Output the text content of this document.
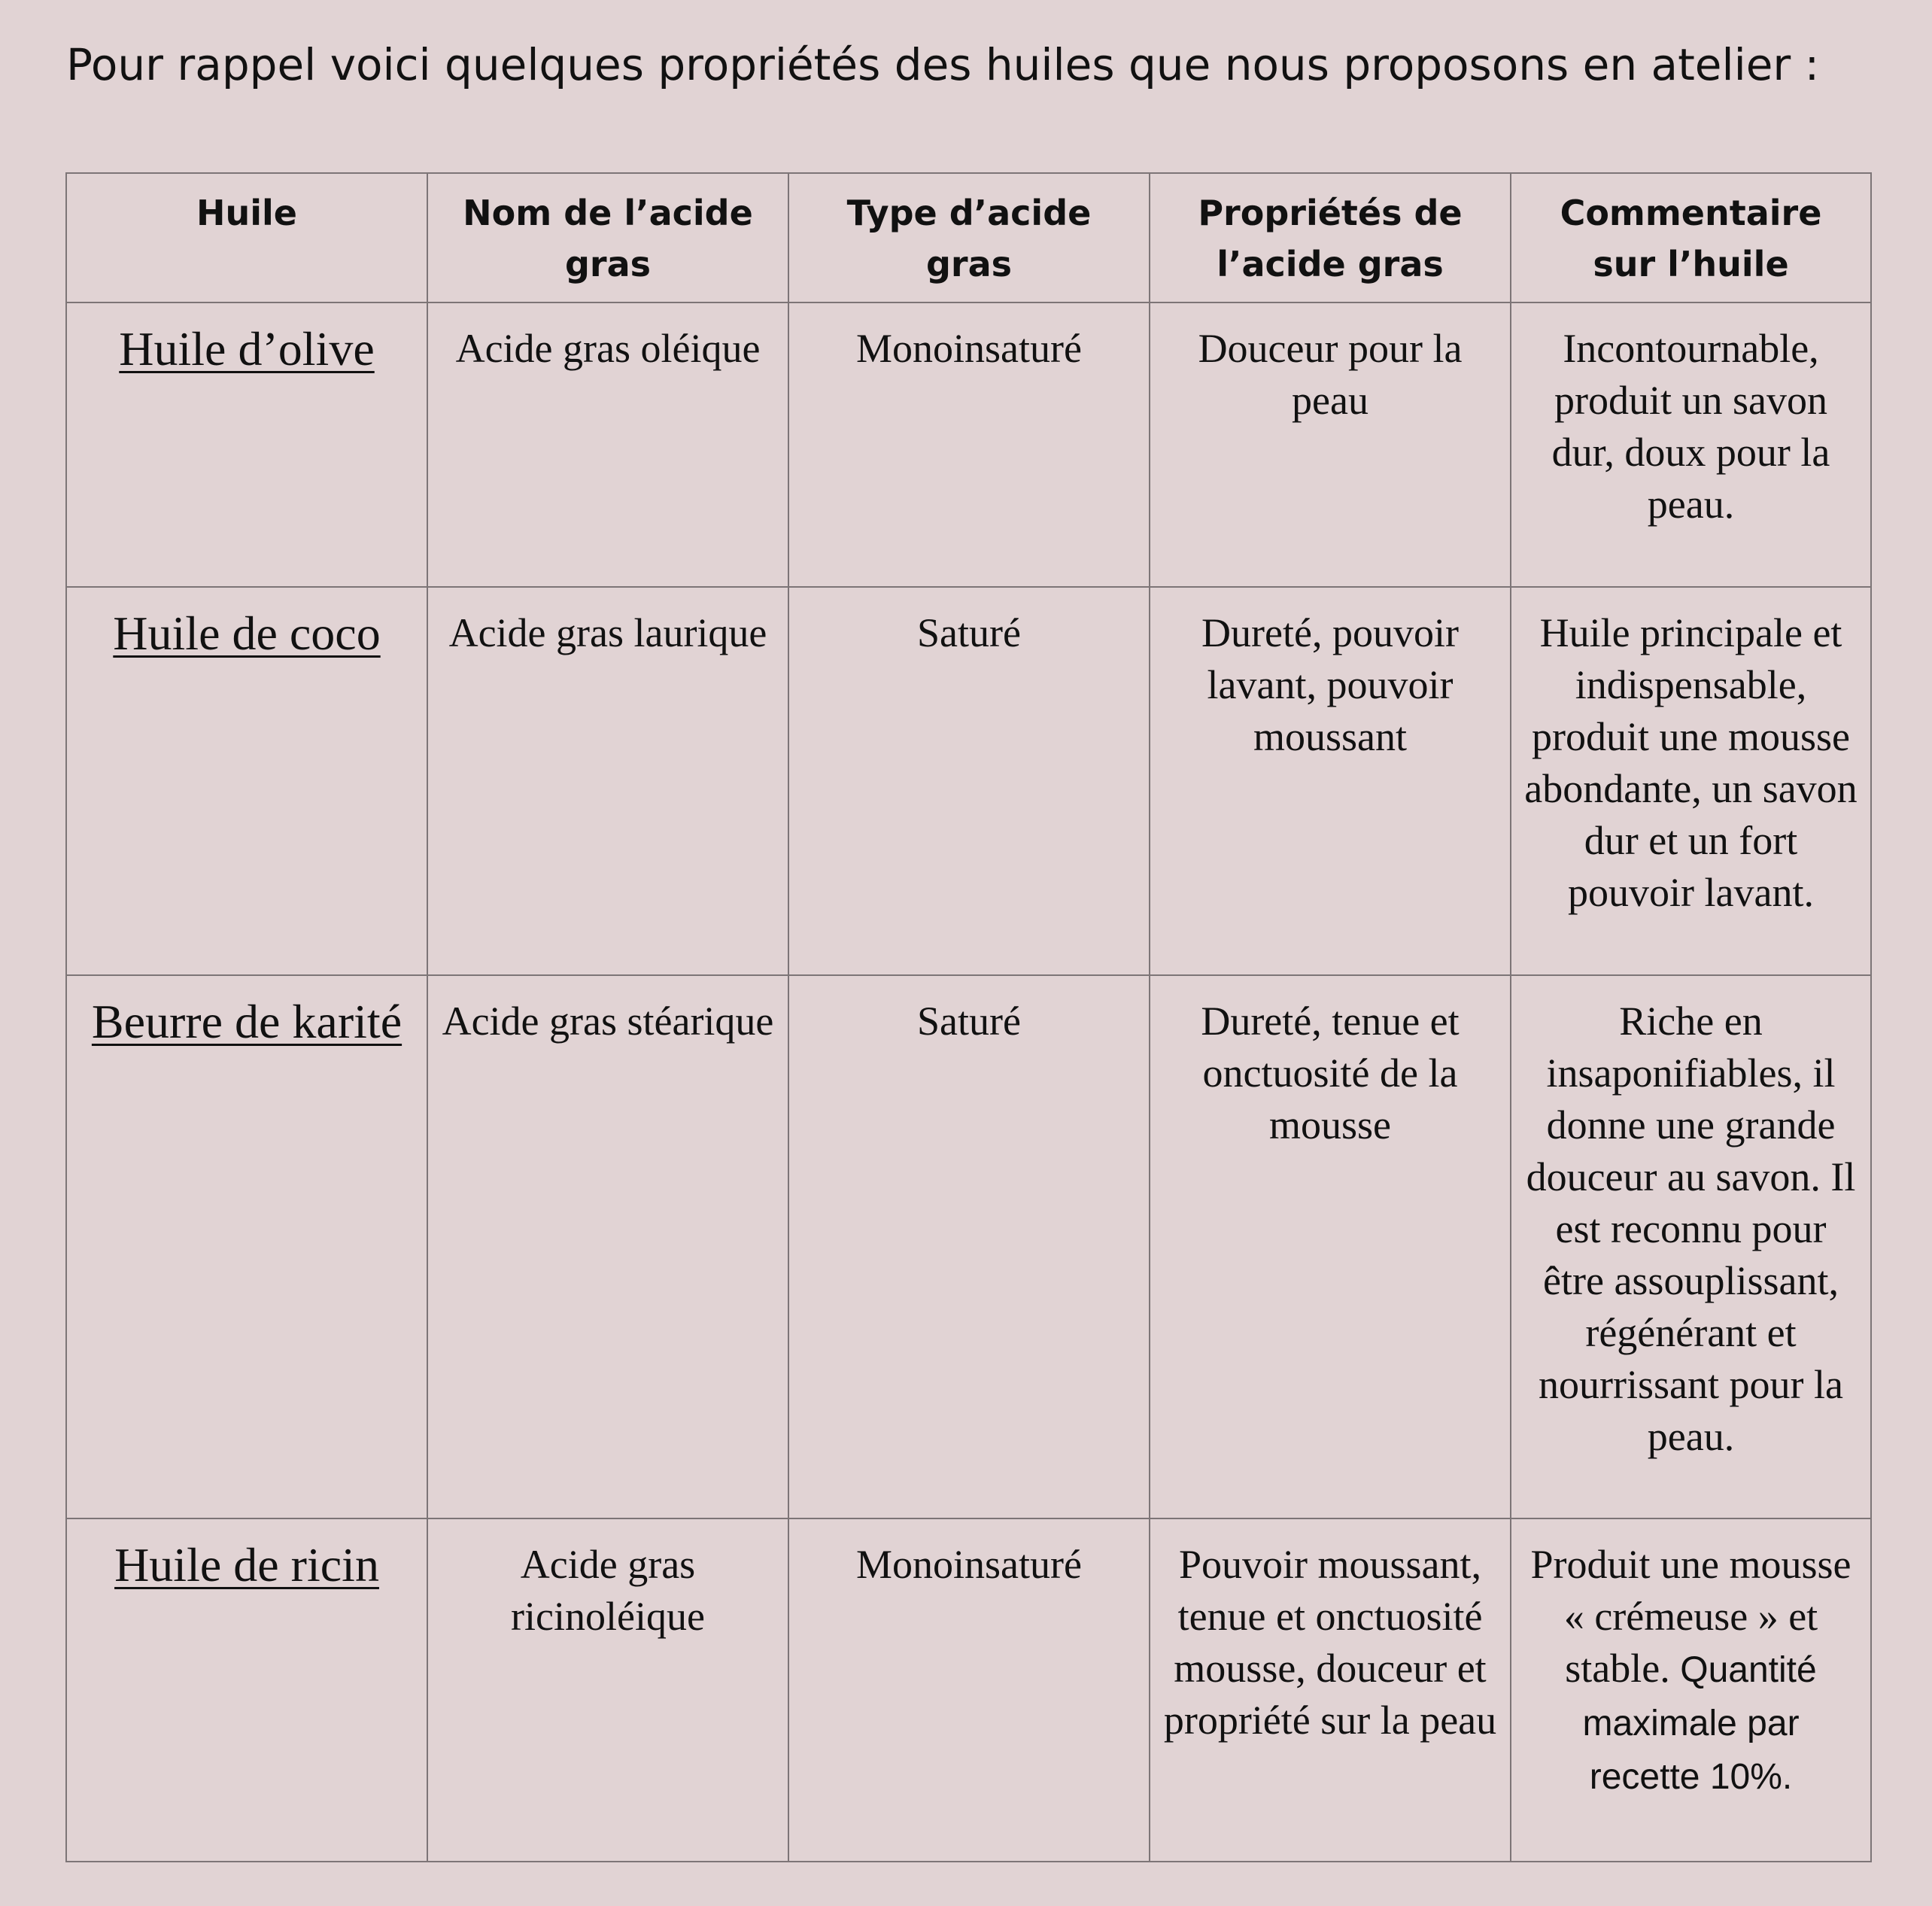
Pour rappel voici quelques propriétés des huiles que nous proposons en atelier :

Huile	Nom de l’acide gras	Type d’acide gras	Propriétés de l’acide gras	Commentaire sur l’huile
Huile d’olive	Acide gras oléique	Monoinsaturé	Douceur pour la peau	Incontournable, produit un savon dur, doux pour la peau.
Huile de coco	Acide gras laurique	Saturé	Dureté, pouvoir lavant, pouvoir moussant	Huile principale et indispensable, produit une mousse abondante, un savon dur et un fort pouvoir lavant.
Beurre de karité	Acide gras stéarique	Saturé	Dureté, tenue et onctuosité de la mousse	Riche en insaponifiables, il donne une grande douceur au savon. Il est reconnu pour être assouplissant, régénérant et nourrissant pour la peau.
Huile de ricin	Acide gras ricinoléique	Monoinsaturé	Pouvoir moussant, tenue et onctuosité mousse, douceur et propriété sur la peau	Produit une mousse « crémeuse » et stable. Quantité maximale par recette 10%.
